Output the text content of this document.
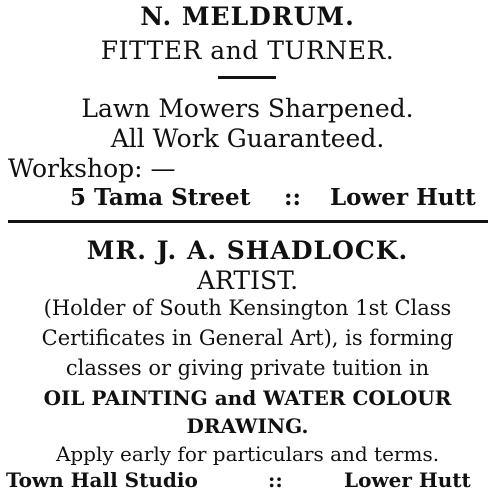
N. MELDRUM.
FITTER and TURNER.
Lawn Mowers Sharpened.
All Work Guaranteed.
Workshop: —
5 Tama Street :: Lower Hutt
MR. J. A. SHADLOCK.
ARTIST.
(Holder of South Kensington 1st Class
Certificates in General Art), is forming
classes or giving private tuition in
OIL PAINTING and WATER COLOUR
DRAWING.
Apply early for particulars and terms.
Town Hall Studio	::	Lower Hutt
